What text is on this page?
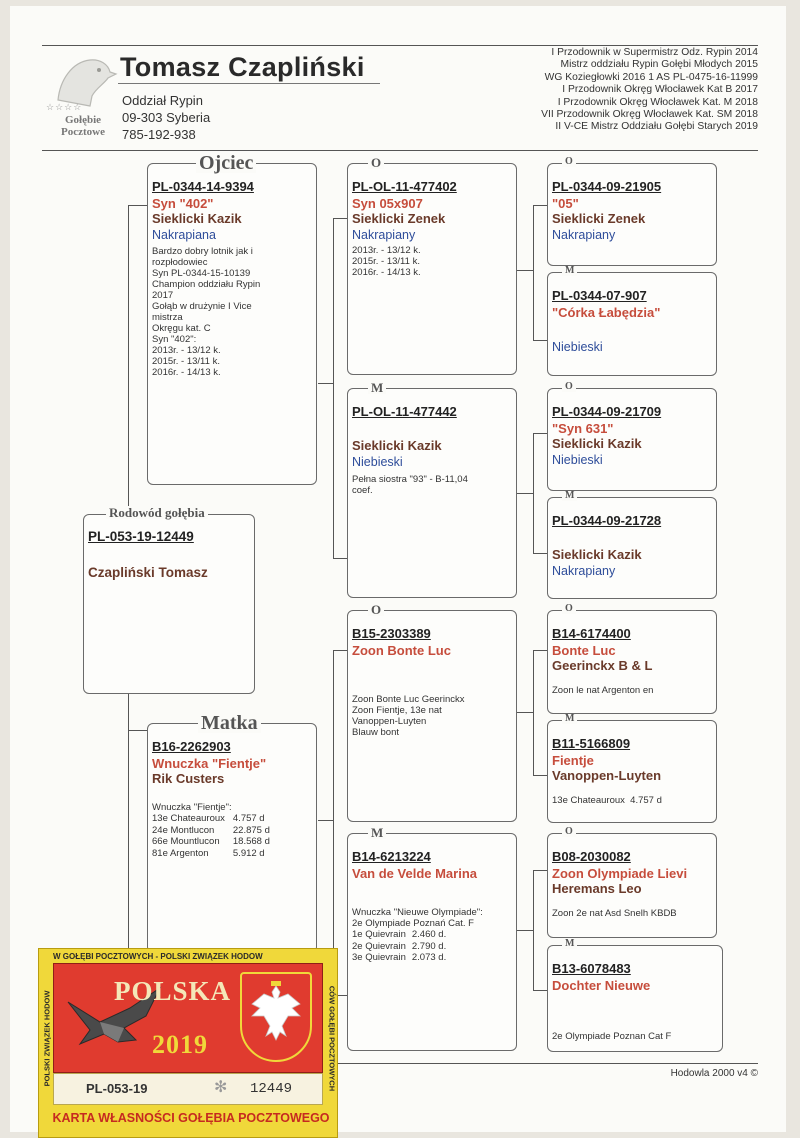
☆☆☆☆
Gołębie
Pocztowe
Tomasz Czapliński
Oddział Rypin
09-303 Syberia
785-192-938
I Przodownik w Supermistrz Odz. Rypin 2014
Mistrz oddziału Rypin Gołębi Młodych 2015
WG Koziegłowki 2016 1 AS PL-0475-16-11999
I Przodownik Okręg Włocławek Kat B 2017
I Przodownik Okręg Włocławek Kat. M 2018
VII Przodownik Okręg Włocławek Kat. SM 2018
II V-CE Mistrz Oddziału Gołębi Starych 2019
Rodowód gołębia
PL-053-19-12449
Czapliński Tomasz
Ojciec
PL-0344-14-9394
Syn "402"
Sieklicki Kazik
Nakrapiana
Bardzo dobry lotnik jak i
rozpłodowiec
Syn PL-0344-15-10139
Champion oddziału Rypin
2017
Gołąb w drużynie I Vice
mistrza
Okręgu kat. C
Syn "402":
2013r. - 13/12 k.
2015r. - 13/11 k.
2016r. - 14/13 k.
Matka
B16-2262903
Wnuczka "Fientje"
Rik Custers
Wnuczka "Fientje":
13e Chateauroux	4.757 d
24e Montlucon	22.875 d
66e Mountlucon	18.568 d
81e Argenton	5.912 d
O
PL-OL-11-477402
Syn 05x907
Sieklicki Zenek
Nakrapiany
2013r. - 13/12 k.
2015r. - 13/11 k.
2016r. - 14/13 k.
M
PL-OL-11-477442
Sieklicki Kazik
Niebieski
Pełna siostra "93" - B-11,04
coef.
O
B15-2303389
Zoon Bonte Luc
Zoon Bonte Luc Geerinckx
Zoon Fientje, 13e nat
Vanoppen-Luyten
Blauw bont
M
B14-6213224
Van de Velde Marina
Wnuczka "Nieuwe Olympiade":
2e Olympiade Poznań Cat. F
1e Quievrain	2.460 d.
2e Quievrain	2.790 d.
3e Quievrain	2.073 d.
O
PL-0344-09-21905
"05"
Sieklicki Zenek
Nakrapiany
M
PL-0344-07-907
"Córka Łabędzia"
Niebieski
O
PL-0344-09-21709
"Syn 631"
Sieklicki Kazik
Niebieski
M
PL-0344-09-21728
Sieklicki Kazik
Nakrapiany
O
B14-6174400
Bonte Luc
Geerinckx B & L
Zoon le nat Argenton en
M
B11-5166809
Fientje
Vanoppen-Luyten
13e Chateauroux  4.757 d
O
B08-2030082
Zoon Olympiade Lievi
Heremans Leo
Zoon 2e nat Asd Snelh KBDB
M
B13-6078483
Dochter Nieuwe
2e Olympiade Poznan Cat F
Hodowla 2000 v4 ©
W GOŁĘBI POCZTOWYCH - POLSKI ZWIĄZEK HODOW
POLSKI ZWIĄZEK HODOW	CÓW GOŁĘBI POCZTOWYCH
POLSKA
2019
PL-053-19	✻ 12449
KARTA WŁASNOŚCI GOŁĘBIA POCZTOWEGO
